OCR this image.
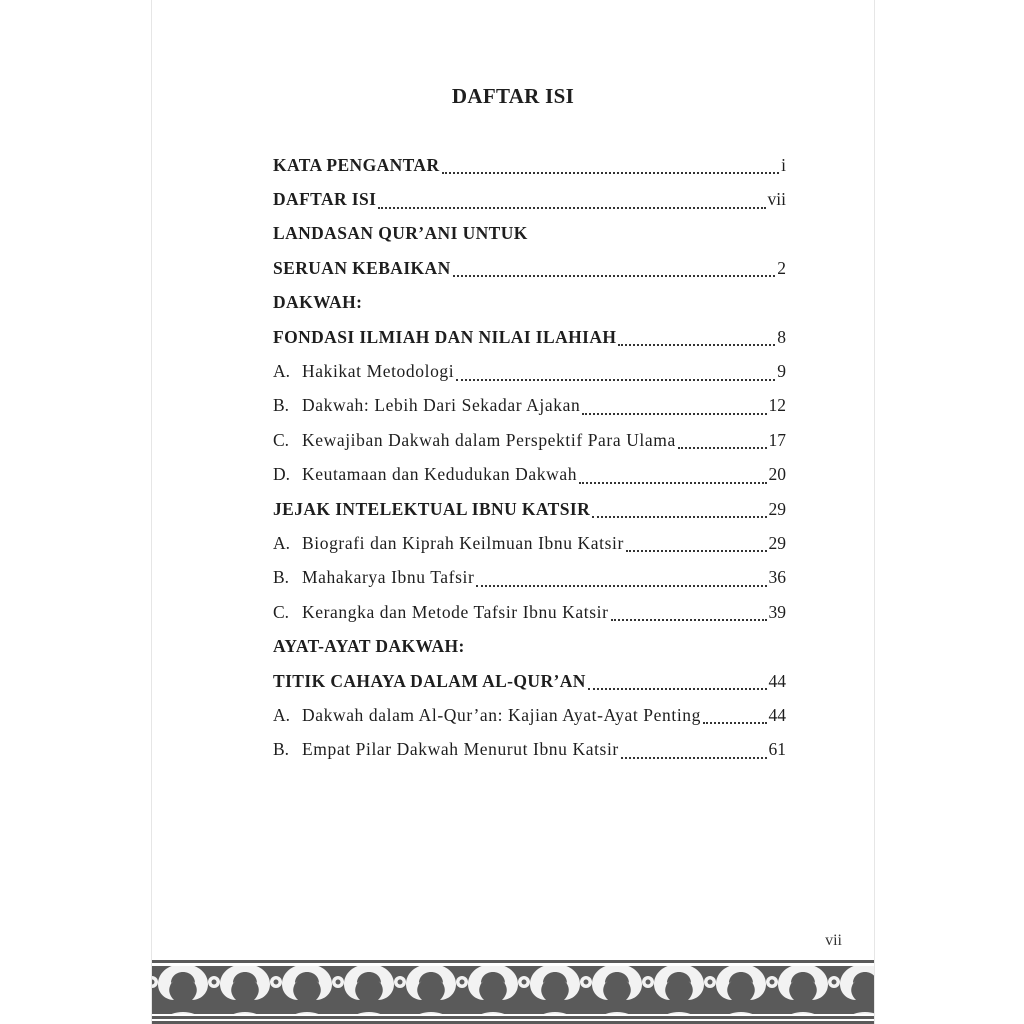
DAFTAR ISI
KATA PENGANTAR	i
DAFTAR ISI	vii
LANDASAN QUR’ANI UNTUK
SERUAN KEBAIKAN	2
DAKWAH:
FONDASI ILMIAH DAN NILAI ILAHIAH	8
A. Hakikat Metodologi	9
B. Dakwah: Lebih Dari Sekadar Ajakan	12
C. Kewajiban Dakwah dalam Perspektif Para Ulama	17
D. Keutamaan dan Kedudukan Dakwah	20
JEJAK INTELEKTUAL IBNU KATSIR	29
A. Biografi dan Kiprah Keilmuan Ibnu Katsir	29
B. Mahakarya Ibnu Tafsir	36
C. Kerangka dan Metode Tafsir Ibnu Katsir	39
AYAT-AYAT DAKWAH:
TITIK CAHAYA DALAM AL-QUR’AN	44
A. Dakwah dalam Al-Qur’an: Kajian Ayat-Ayat Penting	44
B. Empat Pilar Dakwah Menurut Ibnu Katsir	61
vii
